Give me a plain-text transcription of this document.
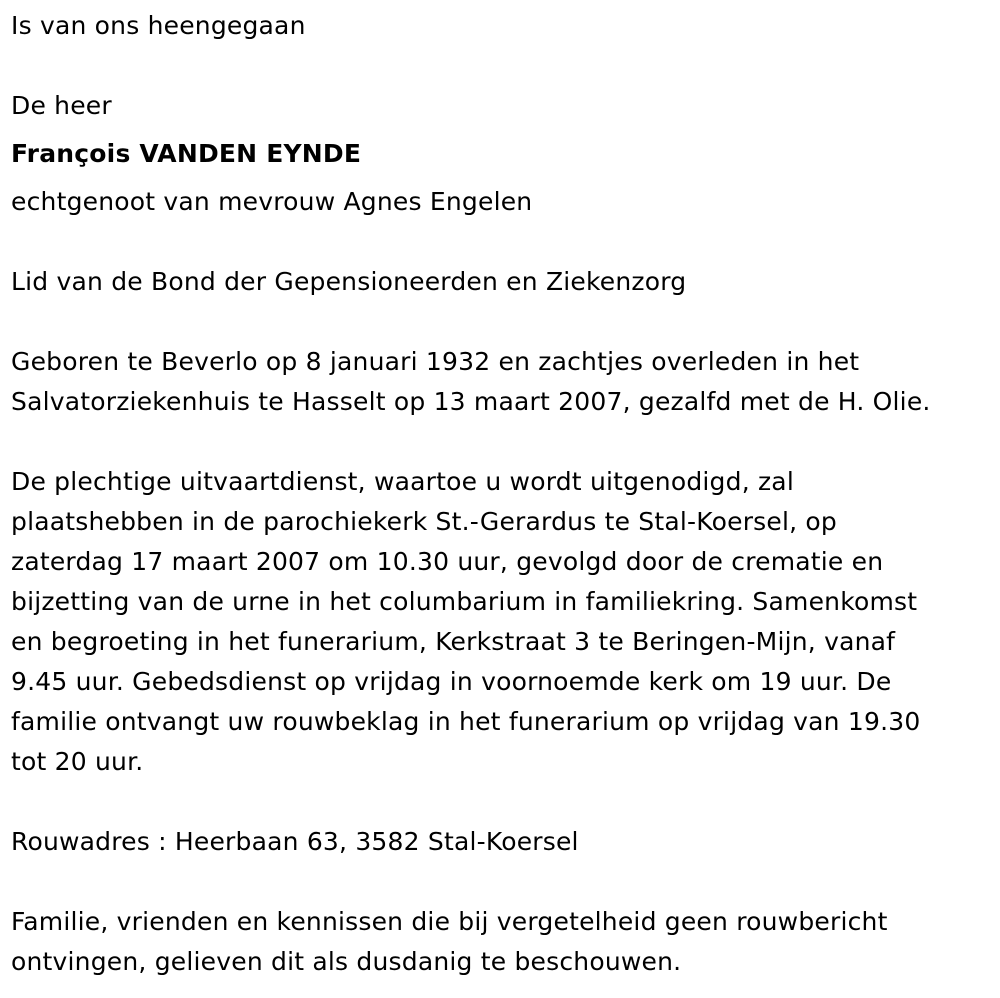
Is van ons heengegaan

De heer

François VANDEN EYNDE

echtgenoot van mevrouw Agnes Engelen

Lid van de Bond der Gepensioneerden en Ziekenzorg

Geboren te Beverlo op 8 januari 1932 en zachtjes overleden in het

Salvatorziekenhuis te Hasselt op 13 maart 2007, gezalfd met de H. Olie.

De plechtige uitvaartdienst, waartoe u wordt uitgenodigd, zal

plaatshebben in de parochiekerk St.-Gerardus te Stal-Koersel, op

zaterdag 17 maart 2007 om 10.30 uur, gevolgd door de crematie en

bijzetting van de urne in het columbarium in familiekring. Samenkomst

en begroeting in het funerarium, Kerkstraat 3 te Beringen-Mijn, vanaf

9.45 uur. Gebedsdienst op vrijdag in voornoemde kerk om 19 uur. De

familie ontvangt uw rouwbeklag in het funerarium op vrijdag van 19.30

tot 20 uur.

Rouwadres : Heerbaan 63, 3582 Stal-Koersel

Familie, vrienden en kennissen die bij vergetelheid geen rouwbericht

ontvingen, gelieven dit als dusdanig te beschouwen.
